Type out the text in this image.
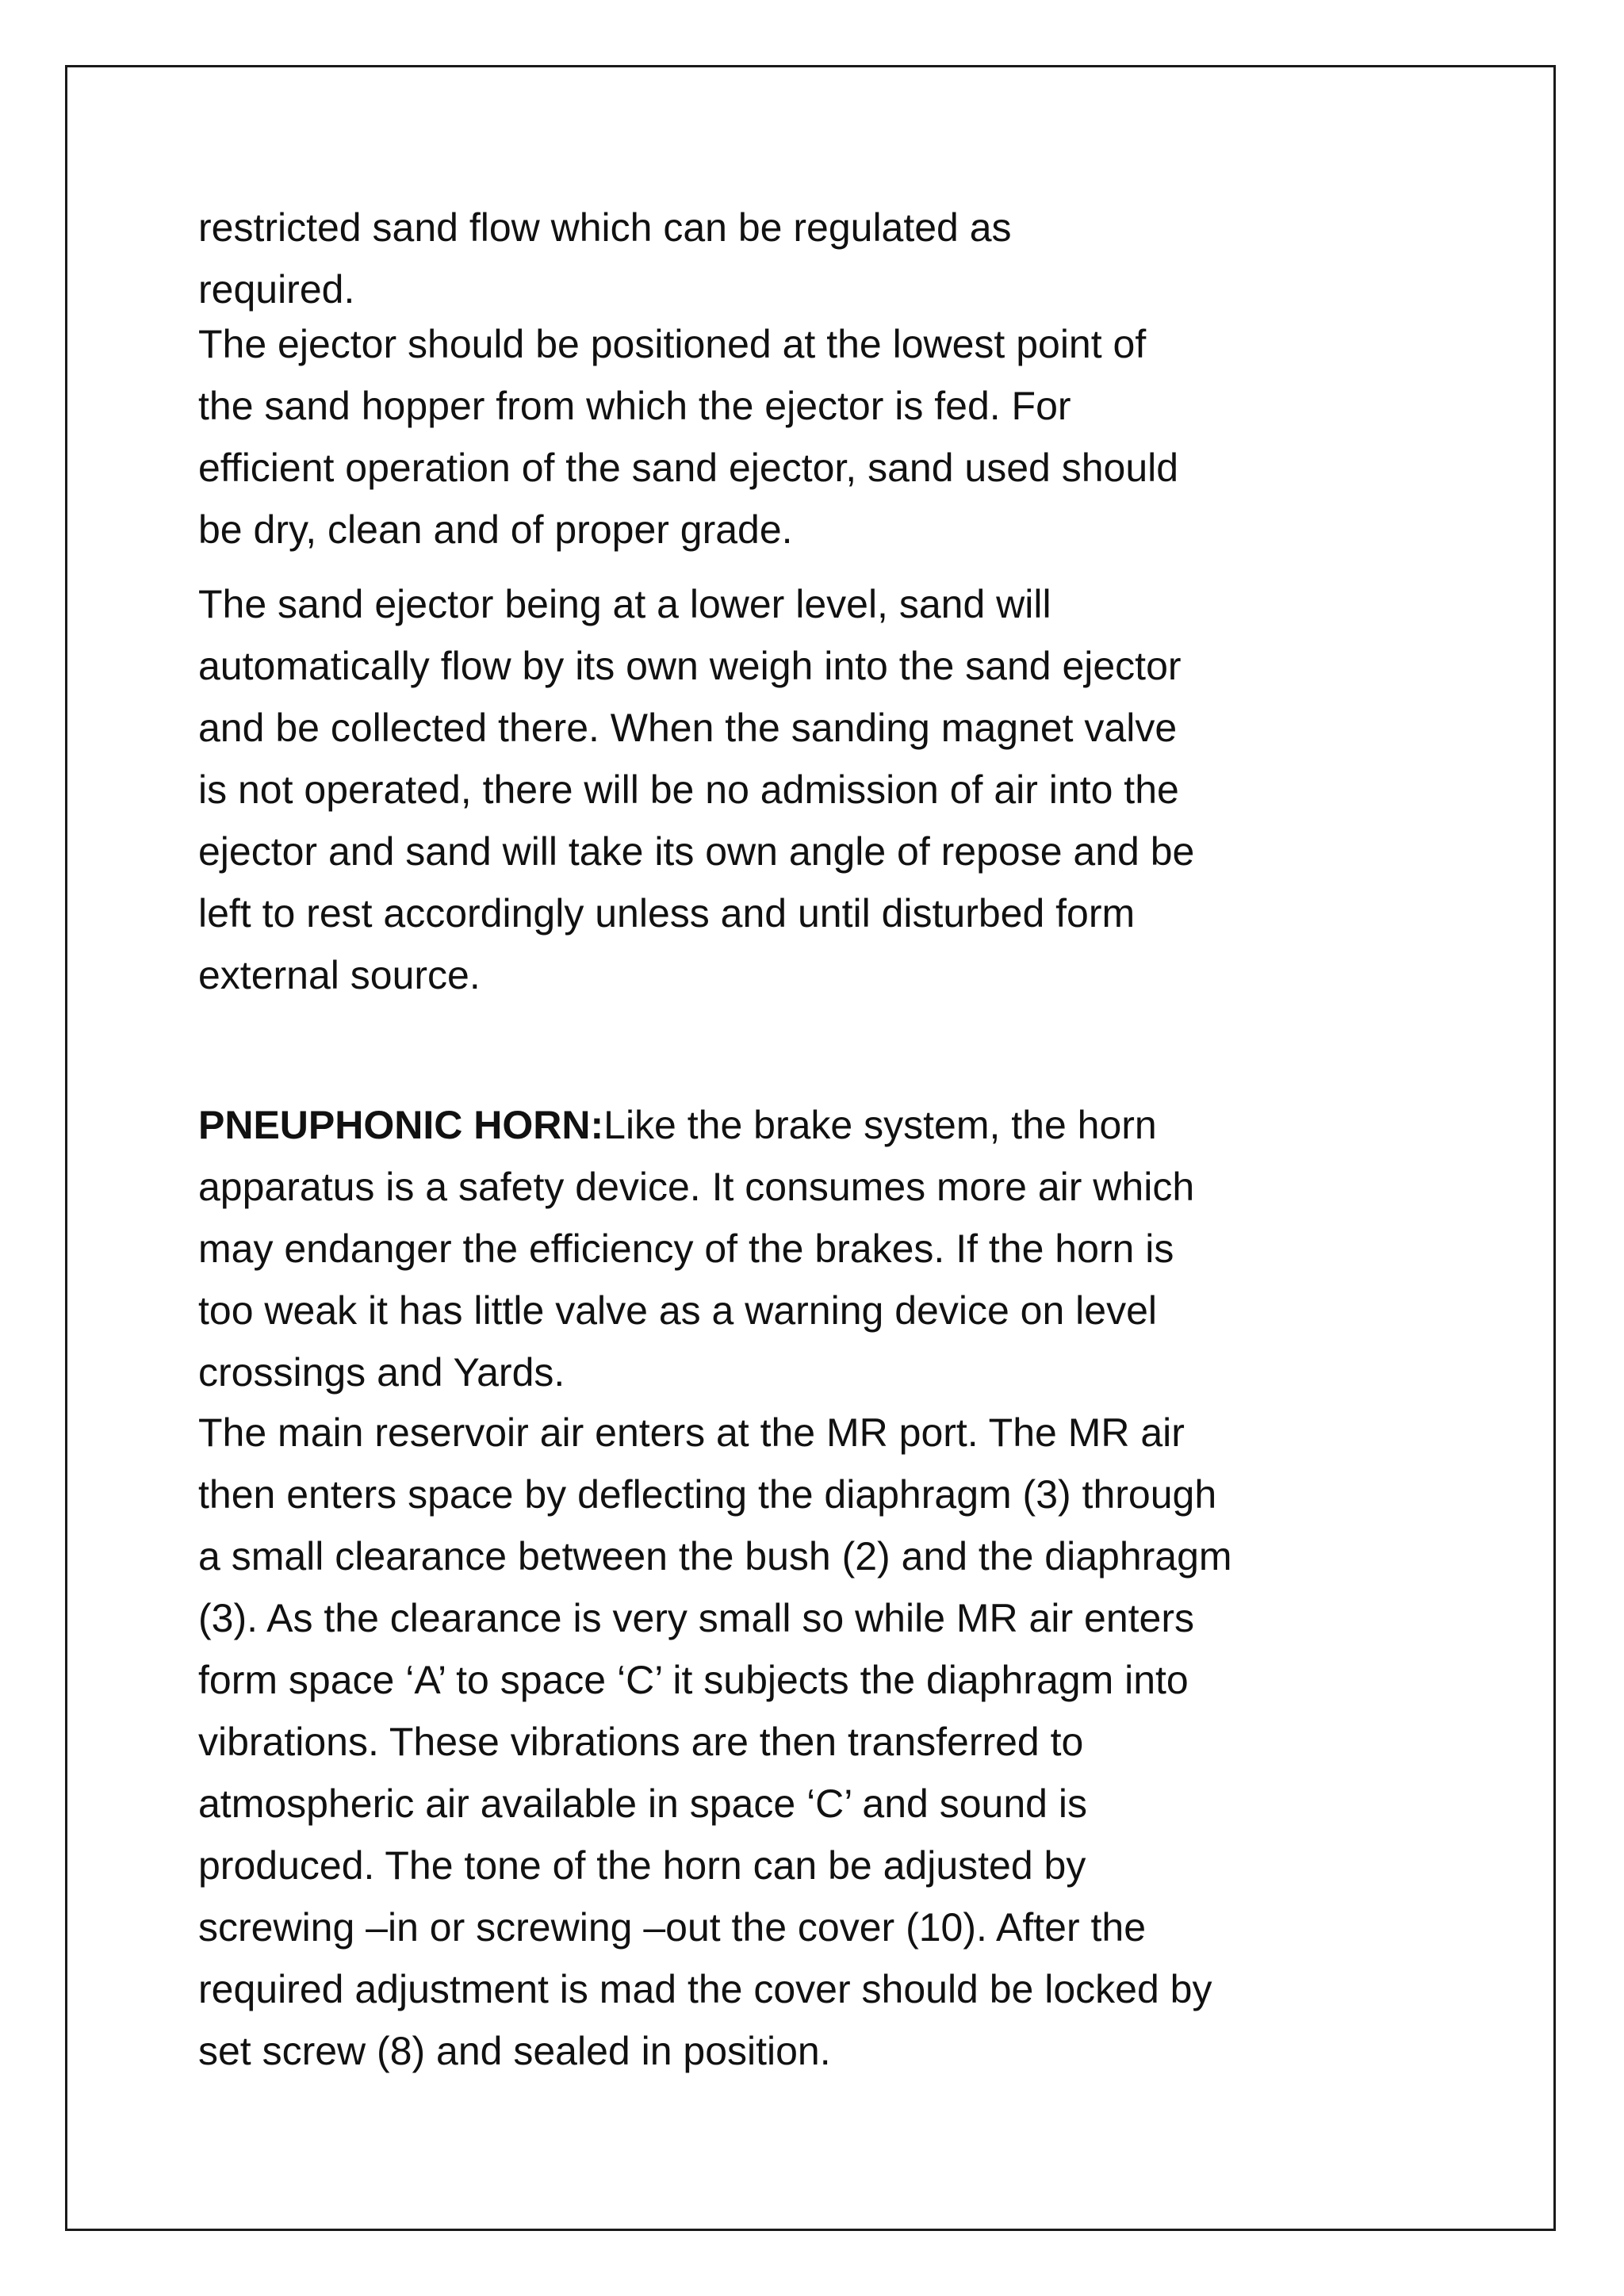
restricted sand flow which can be regulated as
required.
The ejector should be positioned at the lowest point of
the sand hopper from which the ejector is fed. For
efficient operation of the sand ejector, sand used should
be dry, clean and of proper grade.
The sand ejector being at a lower level, sand will
automatically flow by its own weigh into the sand ejector
and be collected there. When the sanding magnet valve
is not operated, there will be no admission of air into the
ejector and sand will take its own angle of repose and be
left to rest accordingly unless and until disturbed form
external source.
PNEUPHONIC HORN:Like the brake system, the horn
apparatus is a safety device. It consumes more air which
may endanger the efficiency of the brakes. If the horn is
too weak it has little valve as a warning device on level
crossings and Yards.
The main reservoir air enters at the MR port. The MR air
then enters space by deflecting the diaphragm (3) through
a small clearance between the bush (2) and the diaphragm
(3). As the clearance is very small so while MR air enters
form space ‘A’ to space ‘C’ it subjects the diaphragm into
vibrations. These vibrations are then transferred to
atmospheric air available in space ‘C’ and sound is
produced. The tone of the horn can be adjusted by
screwing –in or screwing –out the cover (10). After the
required adjustment is mad the cover should be locked by
set screw (8) and sealed in position.
